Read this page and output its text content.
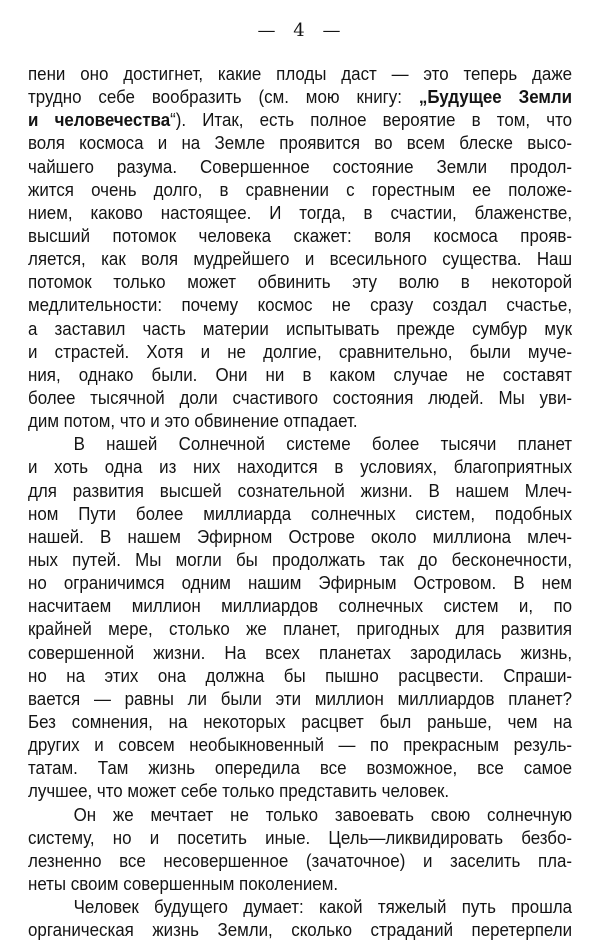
— 4 —
пени оно достигнет, какие плоды даст — это теперь даже
трудно себе вообразить (см. мою книгу: „Будущее Земли
и человечества“). Итак, есть полное вероятие в том, что
воля космоса и на Земле проявится во всем блеске высо-
чайшего разума. Совершенное состояние Земли продол-
жится очень долго, в сравнении с горестным ее положе-
нием, каково настоящее. И тогда, в счастии, блаженстве,
высший потомок человека скажет: воля космоса прояв-
ляется, как воля мудрейшего и всесильного существа. Наш
потомок только может обвинить эту волю в некоторой
медлительности: почему космос не сразу создал счастье,
а заставил часть материи испытывать прежде сумбур мук
и страстей. Хотя и не долгие, сравнительно, были муче-
ния, однако были. Они ни в каком случае не составят
более тысячной доли счастивого состояния людей. Мы уви-
дим потом, что и это обвинение отпадает.
В нашей Солнечной системе более тысячи планет
и хоть одна из них находится в условиях, благоприятных
для развития высшей сознательной жизни. В нашем Млеч-
ном Пути более миллиарда солнечных систем, подобных
нашей. В нашем Эфирном Острове около миллиона млеч-
ных путей. Мы могли бы продолжать так до бесконечности,
но ограничимся одним нашим Эфирным Островом. В нем
насчитаем миллион миллиардов солнечных систем и, по
крайней мере, столько же планет, пригодных для развития
совершенной жизни. На всех планетах зародилась жизнь,
но на этих она должна бы пышно расцвести. Спраши-
вается — равны ли были эти миллион миллиардов планет?
Без сомнения, на некоторых расцвет был раньше, чем на
других и совсем необыкновенный — по прекрасным резуль-
татам. Там жизнь опередила все возможное, все самое
лучшее, что может себе только представить человек.
Он же мечтает не только завоевать свою солнечную
систему, но и посетить иные. Цель—ликвидировать безбо-
лезненно все несовершенное (зачаточное) и заселить пла-
неты своим совершенным поколением.
Человек будущего думает: какой тяжелый путь прошла
органическая жизнь Земли, сколько страданий перетерпели
